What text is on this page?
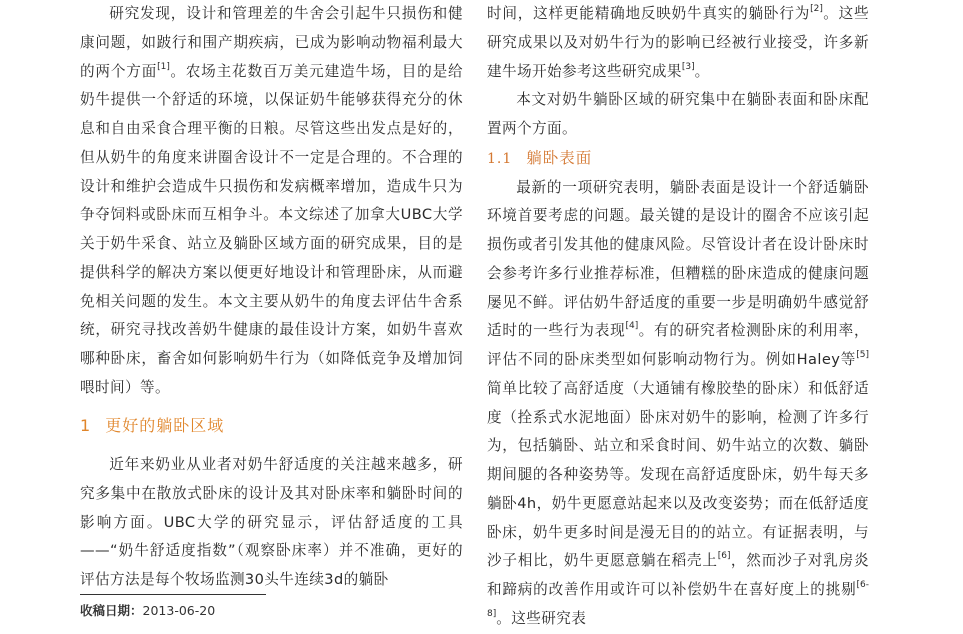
研究发现，设计和管理差的牛舍会引起牛只损伤和健康问题，如跛行和围产期疾病，已成为影响动物福利最大的两个方面[1]。农场主花数百万美元建造牛场，目的是给奶牛提供一个舒适的环境，以保证奶牛能够获得充分的休息和自由采食合理平衡的日粮。尽管这些出发点是好的，但从奶牛的角度来讲圈舍设计不一定是合理的。不合理的设计和维护会造成牛只损伤和发病概率增加，造成牛只为争夺饲料或卧床而互相争斗。本文综述了加拿大UBC大学关于奶牛采食、站立及躺卧区域方面的研究成果，目的是提供科学的解决方案以便更好地设计和管理卧床，从而避免相关问题的发生。本文主要从奶牛的角度去评估牛舍系统，研究寻找改善奶牛健康的最佳设计方案，如奶牛喜欢哪种卧床，畜舍如何影响奶牛行为（如降低竞争及增加饲喂时间）等。

1 更好的躺卧区域

近年来奶业从业者对奶牛舒适度的关注越来越多，研究多集中在散放式卧床的设计及其对卧床率和躺卧时间的影响方面。UBC大学的研究显示，评估舒适度的工具——“奶牛舒适度指数”（观察卧床率）并不准确，更好的评估方法是每个牧场监测30头牛连续3d的躺卧

收稿日期：2013-06-20

时间，这样更能精确地反映奶牛真实的躺卧行为[2]。这些研究成果以及对奶牛行为的影响已经被行业接受，许多新建牛场开始参考这些研究成果[3]。

本文对奶牛躺卧区域的研究集中在躺卧表面和卧床配置两个方面。

1.1 躺卧表面

最新的一项研究表明，躺卧表面是设计一个舒适躺卧环境首要考虑的问题。最关键的是设计的圈舍不应该引起损伤或者引发其他的健康风险。尽管设计者在设计卧床时会参考许多行业推荐标准，但糟糕的卧床造成的健康问题屡见不鲜。评估奶牛舒适度的重要一步是明确奶牛感觉舒适时的一些行为表现[4]。有的研究者检测卧床的利用率，评估不同的卧床类型如何影响动物行为。例如Haley等[5]简单比较了高舒适度（大通铺有橡胶垫的卧床）和低舒适度（拴系式水泥地面）卧床对奶牛的影响，检测了许多行为，包括躺卧、站立和采食时间、奶牛站立的次数、躺卧期间腿的各种姿势等。发现在高舒适度卧床，奶牛每天多躺卧4h，奶牛更愿意站起来以及改变姿势；而在低舒适度卧床，奶牛更多时间是漫无目的的站立。有证据表明，与沙子相比，奶牛更愿意躺在稻壳上[6]，然而沙子对乳房炎和蹄病的改善作用或许可以补偿奶牛在喜好度上的挑剔[6-8]。这些研究表
